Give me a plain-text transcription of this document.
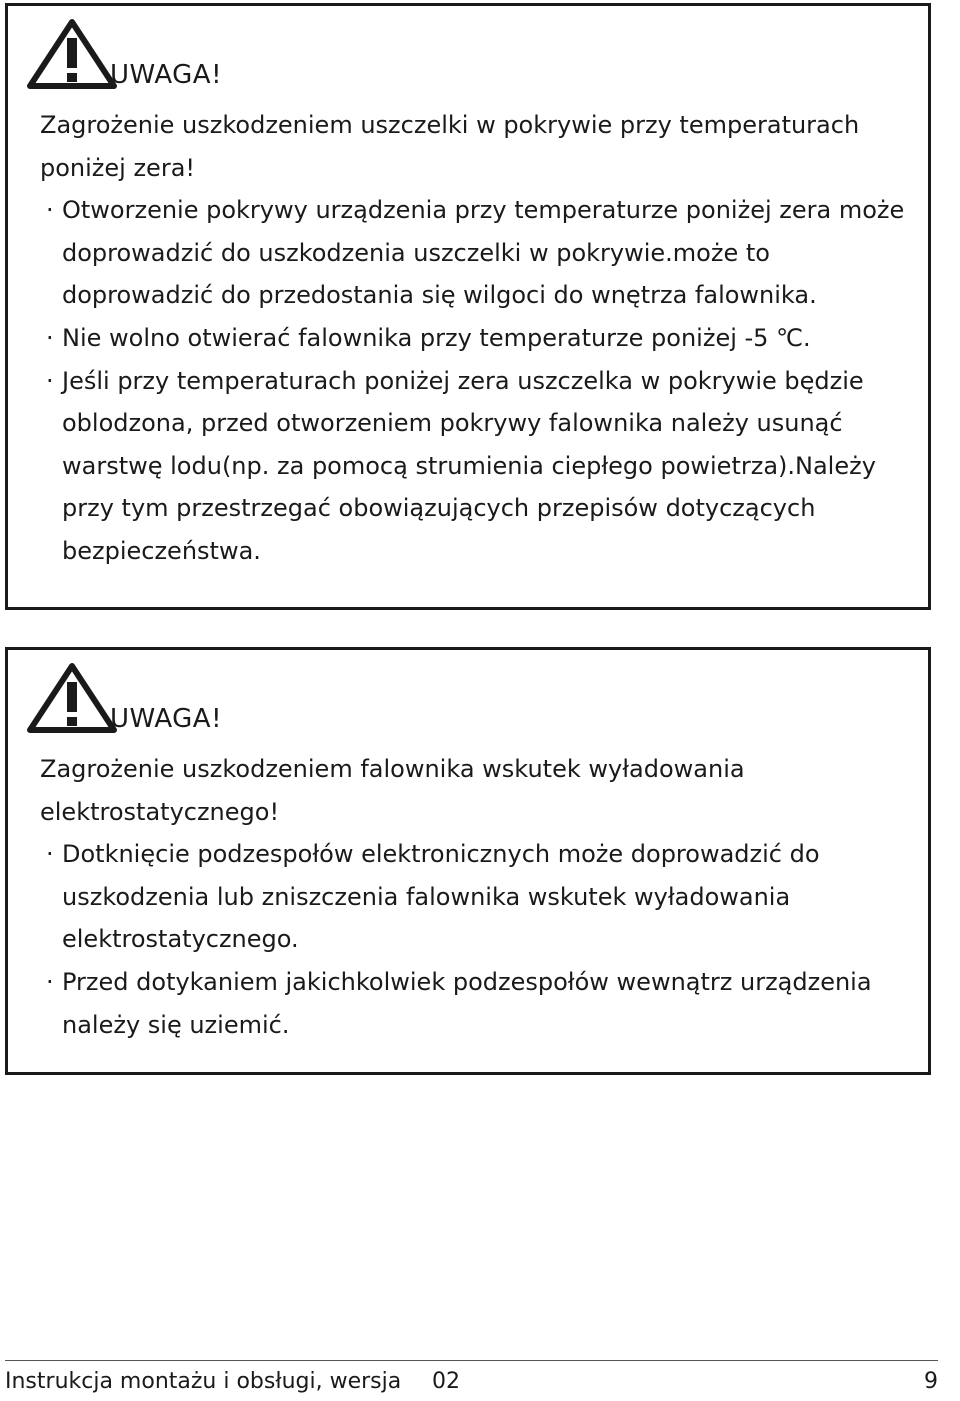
UWAGA!

Zagrożenie uszkodzeniem uszczelki w pokrywie przy temperaturach poniżej zera!

· Otworzenie pokrywy urządzenia przy temperaturze poniżej zera może doprowadzić do uszkodzenia uszczelki w pokrywie.może to doprowadzić do przedostania się wilgoci do wnętrza falownika.
· Nie wolno otwierać falownika przy temperaturze poniżej -5 ℃.
· Jeśli przy temperaturach poniżej zera uszczelka w pokrywie będzie oblodzona, przed otworzeniem pokrywy falownika należy usunąć warstwę lodu(np. za pomocą strumienia ciepłego powietrza).Należy przy tym przestrzegać obowiązujących przepisów dotyczących bezpieczeństwa.
UWAGA!

Zagrożenie uszkodzeniem falownika wskutek wyładowania elektrostatycznego!

· Dotknięcie podzespołów elektronicznych może doprowadzić do uszkodzenia lub zniszczenia falownika wskutek wyładowania elektrostatycznego.
· Przed dotykaniem jakichkolwiek podzespołów wewnątrz urządzenia należy się uziemić.
Instrukcja montażu i obsługi, wersja 02	9
